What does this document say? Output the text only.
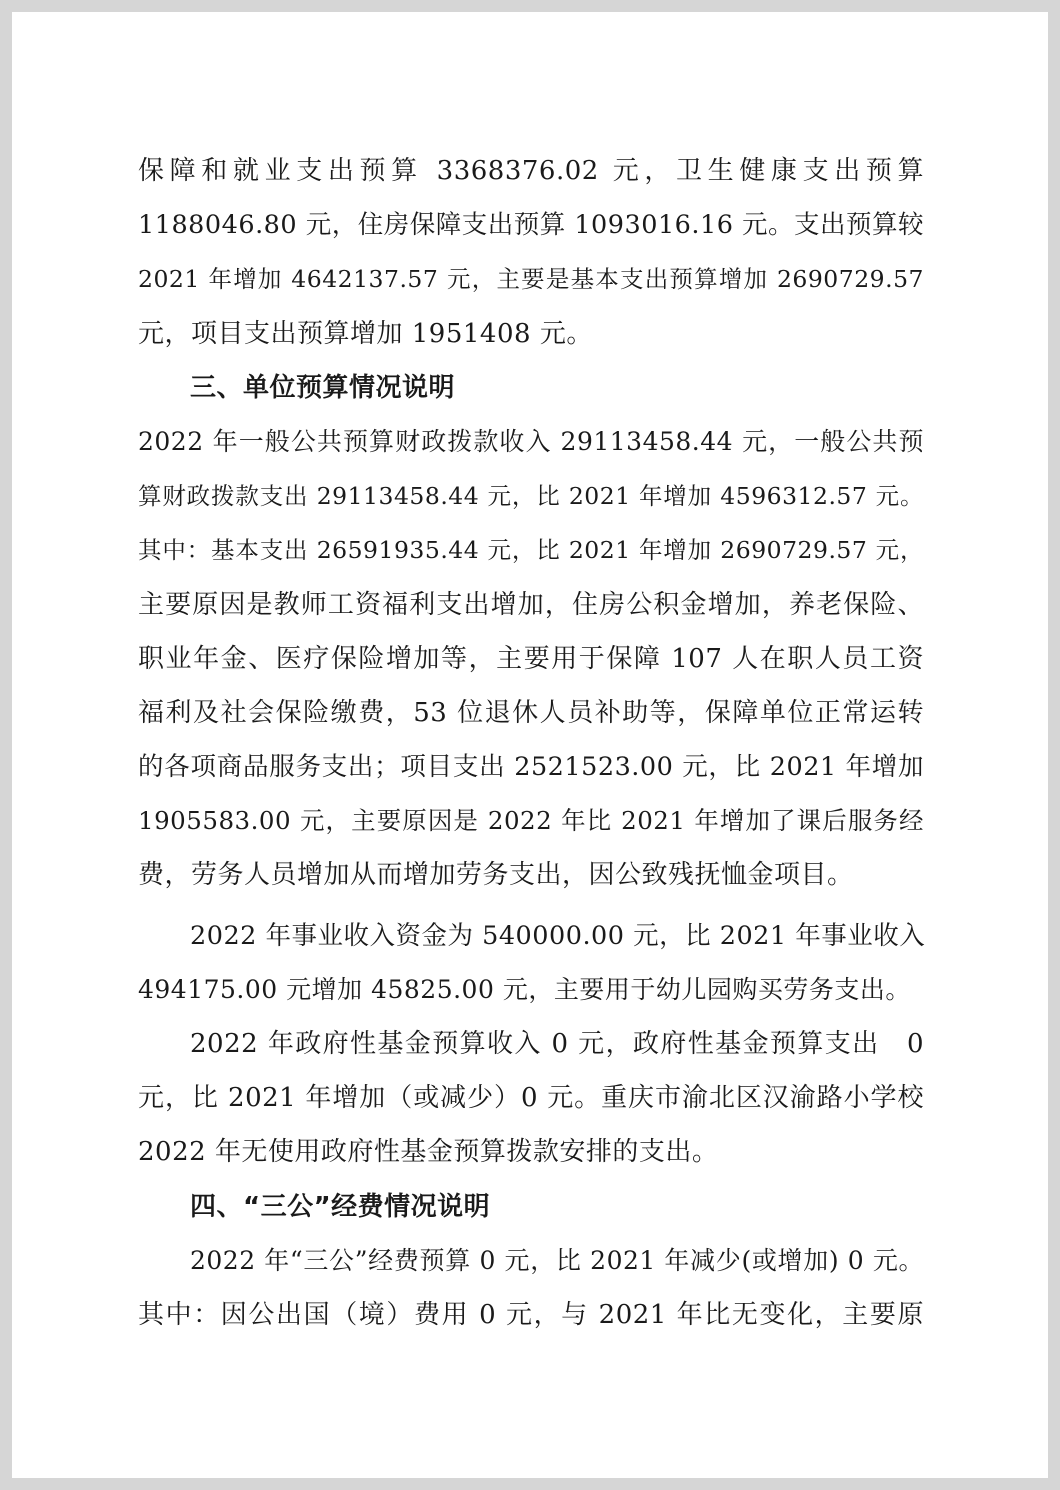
保障和就业支出预算 3368376.02 元，卫生健康支出预算
1188046.80 元，住房保障支出预算 1093016.16 元。支出预算较
2021 年增加 4642137.57 元，主要是基本支出预算增加 2690729.57
元，项目支出预算增加 1951408 元。
三、单位预算情况说明
2022 年一般公共预算财政拨款收入 29113458.44 元，一般公共预
算财政拨款支出 29113458.44 元，比 2021 年增加 4596312.57 元。
其中：基本支出 26591935.44 元，比 2021 年增加 2690729.57 元，
主要原因是教师工资福利支出增加，住房公积金增加，养老保险、
职业年金、医疗保险增加等，主要用于保障 107 人在职人员工资
福利及社会保险缴费，53 位退休人员补助等，保障单位正常运转
的各项商品服务支出；项目支出 2521523.00 元，比 2021 年增加
1905583.00 元，主要原因是 2022 年比 2021 年增加了课后服务经
费，劳务人员增加从而增加劳务支出，因公致残抚恤金项目。
2022 年事业收入资金为 540000.00 元，比 2021 年事业收入
494175.00 元增加 45825.00 元，主要用于幼儿园购买劳务支出。
2022 年政府性基金预算收入 0 元，政府性基金预算支出　0
元，比 2021 年增加（或减少）0 元。重庆市渝北区汉渝路小学校
2022 年无使用政府性基金预算拨款安排的支出。
四、“三公”经费情况说明
2022 年“三公”经费预算 0 元，比 2021 年减少(或增加) 0 元。
其中：因公出国（境）费用 0 元，与 2021 年比无变化，主要原
